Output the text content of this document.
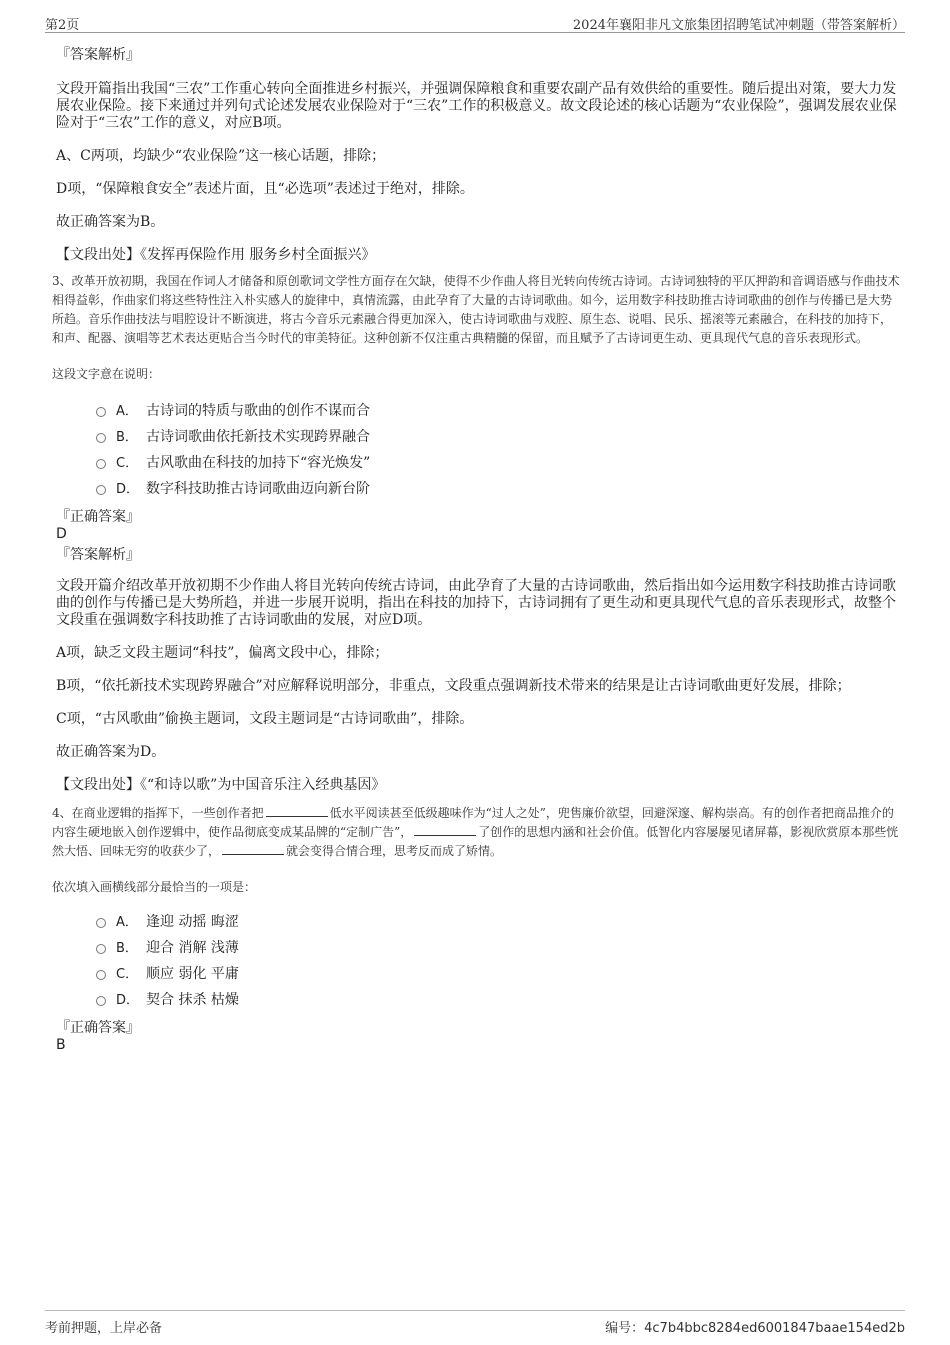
第2页	2024年襄阳非凡文旅集团招聘笔试冲刺题（带答案解析）

『答案解析』

文段开篇指出我国“三农”工作重心转向全面推进乡村振兴，并强调保障粮食和重要农副产品有效供给的重要性。随后提出对策，要大力发展农业保险。接下来通过并列句式论述发展农业保险对于“三农”工作的积极意义。故文段论述的核心话题为“农业保险”，强调发展农业保险对于“三农”工作的意义，对应B项。

A、C两项，均缺少“农业保险”这一核心话题，排除；

D项，“保障粮食安全”表述片面，且“必选项”表述过于绝对，排除。

故正确答案为B。

【文段出处】《发挥再保险作用 服务乡村全面振兴》

3、改革开放初期，我国在作词人才储备和原创歌词文学性方面存在欠缺，使得不少作曲人将目光转向传统古诗词。古诗词独特的平仄押韵和音调语感与作曲技术相得益彰，作曲家们将这些特性注入朴实感人的旋律中，真情流露，由此孕育了大量的古诗词歌曲。如今，运用数字科技助推古诗词歌曲的创作与传播已是大势所趋。音乐作曲技法与唱腔设计不断演进，将古今音乐元素融合得更加深入，使古诗词歌曲与戏腔、原生态、说唱、民乐、摇滚等元素融合，在科技的加持下，和声、配器、演唱等艺术表达更贴合当今时代的审美特征。这种创新不仅注重古典精髓的保留，而且赋予了古诗词更生动、更具现代气息的音乐表现形式。

这段文字意在说明：

A． 古诗词的特质与歌曲的创作不谋而合
B． 古诗词歌曲依托新技术实现跨界融合
C． 古风歌曲在科技的加持下“容光焕发”
D． 数字科技助推古诗词歌曲迈向新台阶

『正确答案』

D

『答案解析』

文段开篇介绍改革开放初期不少作曲人将目光转向传统古诗词，由此孕育了大量的古诗词歌曲，然后指出如今运用数字科技助推古诗词歌曲的创作与传播已是大势所趋，并进一步展开说明，指出在科技的加持下，古诗词拥有了更生动和更具现代气息的音乐表现形式，故整个文段重在强调数字科技助推了古诗词歌曲的发展，对应D项。

A项，缺乏文段主题词“科技”，偏离文段中心，排除；

B项，“依托新技术实现跨界融合”对应解释说明部分，非重点，文段重点强调新技术带来的结果是让古诗词歌曲更好发展，排除；

C项，“古风歌曲”偷换主题词，文段主题词是“古诗词歌曲”，排除。

故正确答案为D。

【文段出处】《“和诗以歌”为中国音乐注入经典基因》

4、在商业逻辑的指挥下，一些创作者把	低水平阅读甚至低级趣味作为“过人之处”，兜售廉价欲望，回避深邃、解构崇高。有的创作者把商品推介的内容生硬地嵌入创作逻辑中，使作品彻底变成某品牌的“定制广告”，	了创作的思想内涵和社会价值。低智化内容屡屡见诸屏幕，影视欣赏原本那些恍然大悟、回味无穷的收获少了，	就会变得合情合理，思考反而成了矫情。

依次填入画横线部分最恰当的一项是：

A． 逢迎 动摇 晦涩
B． 迎合 消解 浅薄
C． 顺应 弱化 平庸
D． 契合 抹杀 枯燥

『正确答案』

B

考前押题，上岸必备	编号：4c7b4bbc8284ed6001847baae154ed2b
